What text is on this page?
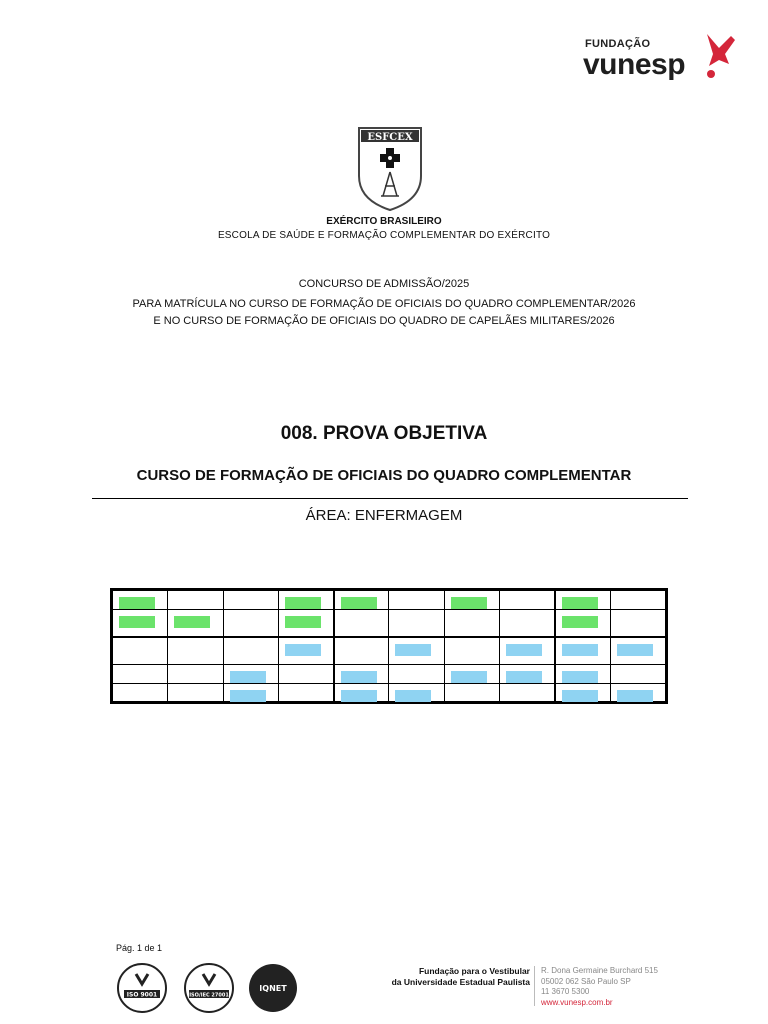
FUNDAÇÃO
vunesp
ESFCEX
EXÉRCITO BRASILEIRO
ESCOLA DE SAÚDE E FORMAÇÃO COMPLEMENTAR DO EXÉRCITO
CONCURSO DE ADMISSÃO/2025
PARA MATRÍCULA NO CURSO DE FORMAÇÃO DE OFICIAIS DO QUADRO COMPLEMENTAR/2026
E NO CURSO DE FORMAÇÃO DE OFICIAIS DO QUADRO DE CAPELÃES MILITARES/2026
008. PROVA OBJETIVA
CURSO DE FORMAÇÃO DE OFICIAIS DO QUADRO COMPLEMENTAR
ÁREA: ENFERMAGEM

Pág. 1 de 1
ISO 9001	ISO/IEC 27001
IQNET
Fundação para o Vestibular
da Universidade Estadual Paulista
R. Dona Germaine Burchard 515
05002 062 São Paulo SP
11 3670 5300
www.vunesp.com.br
